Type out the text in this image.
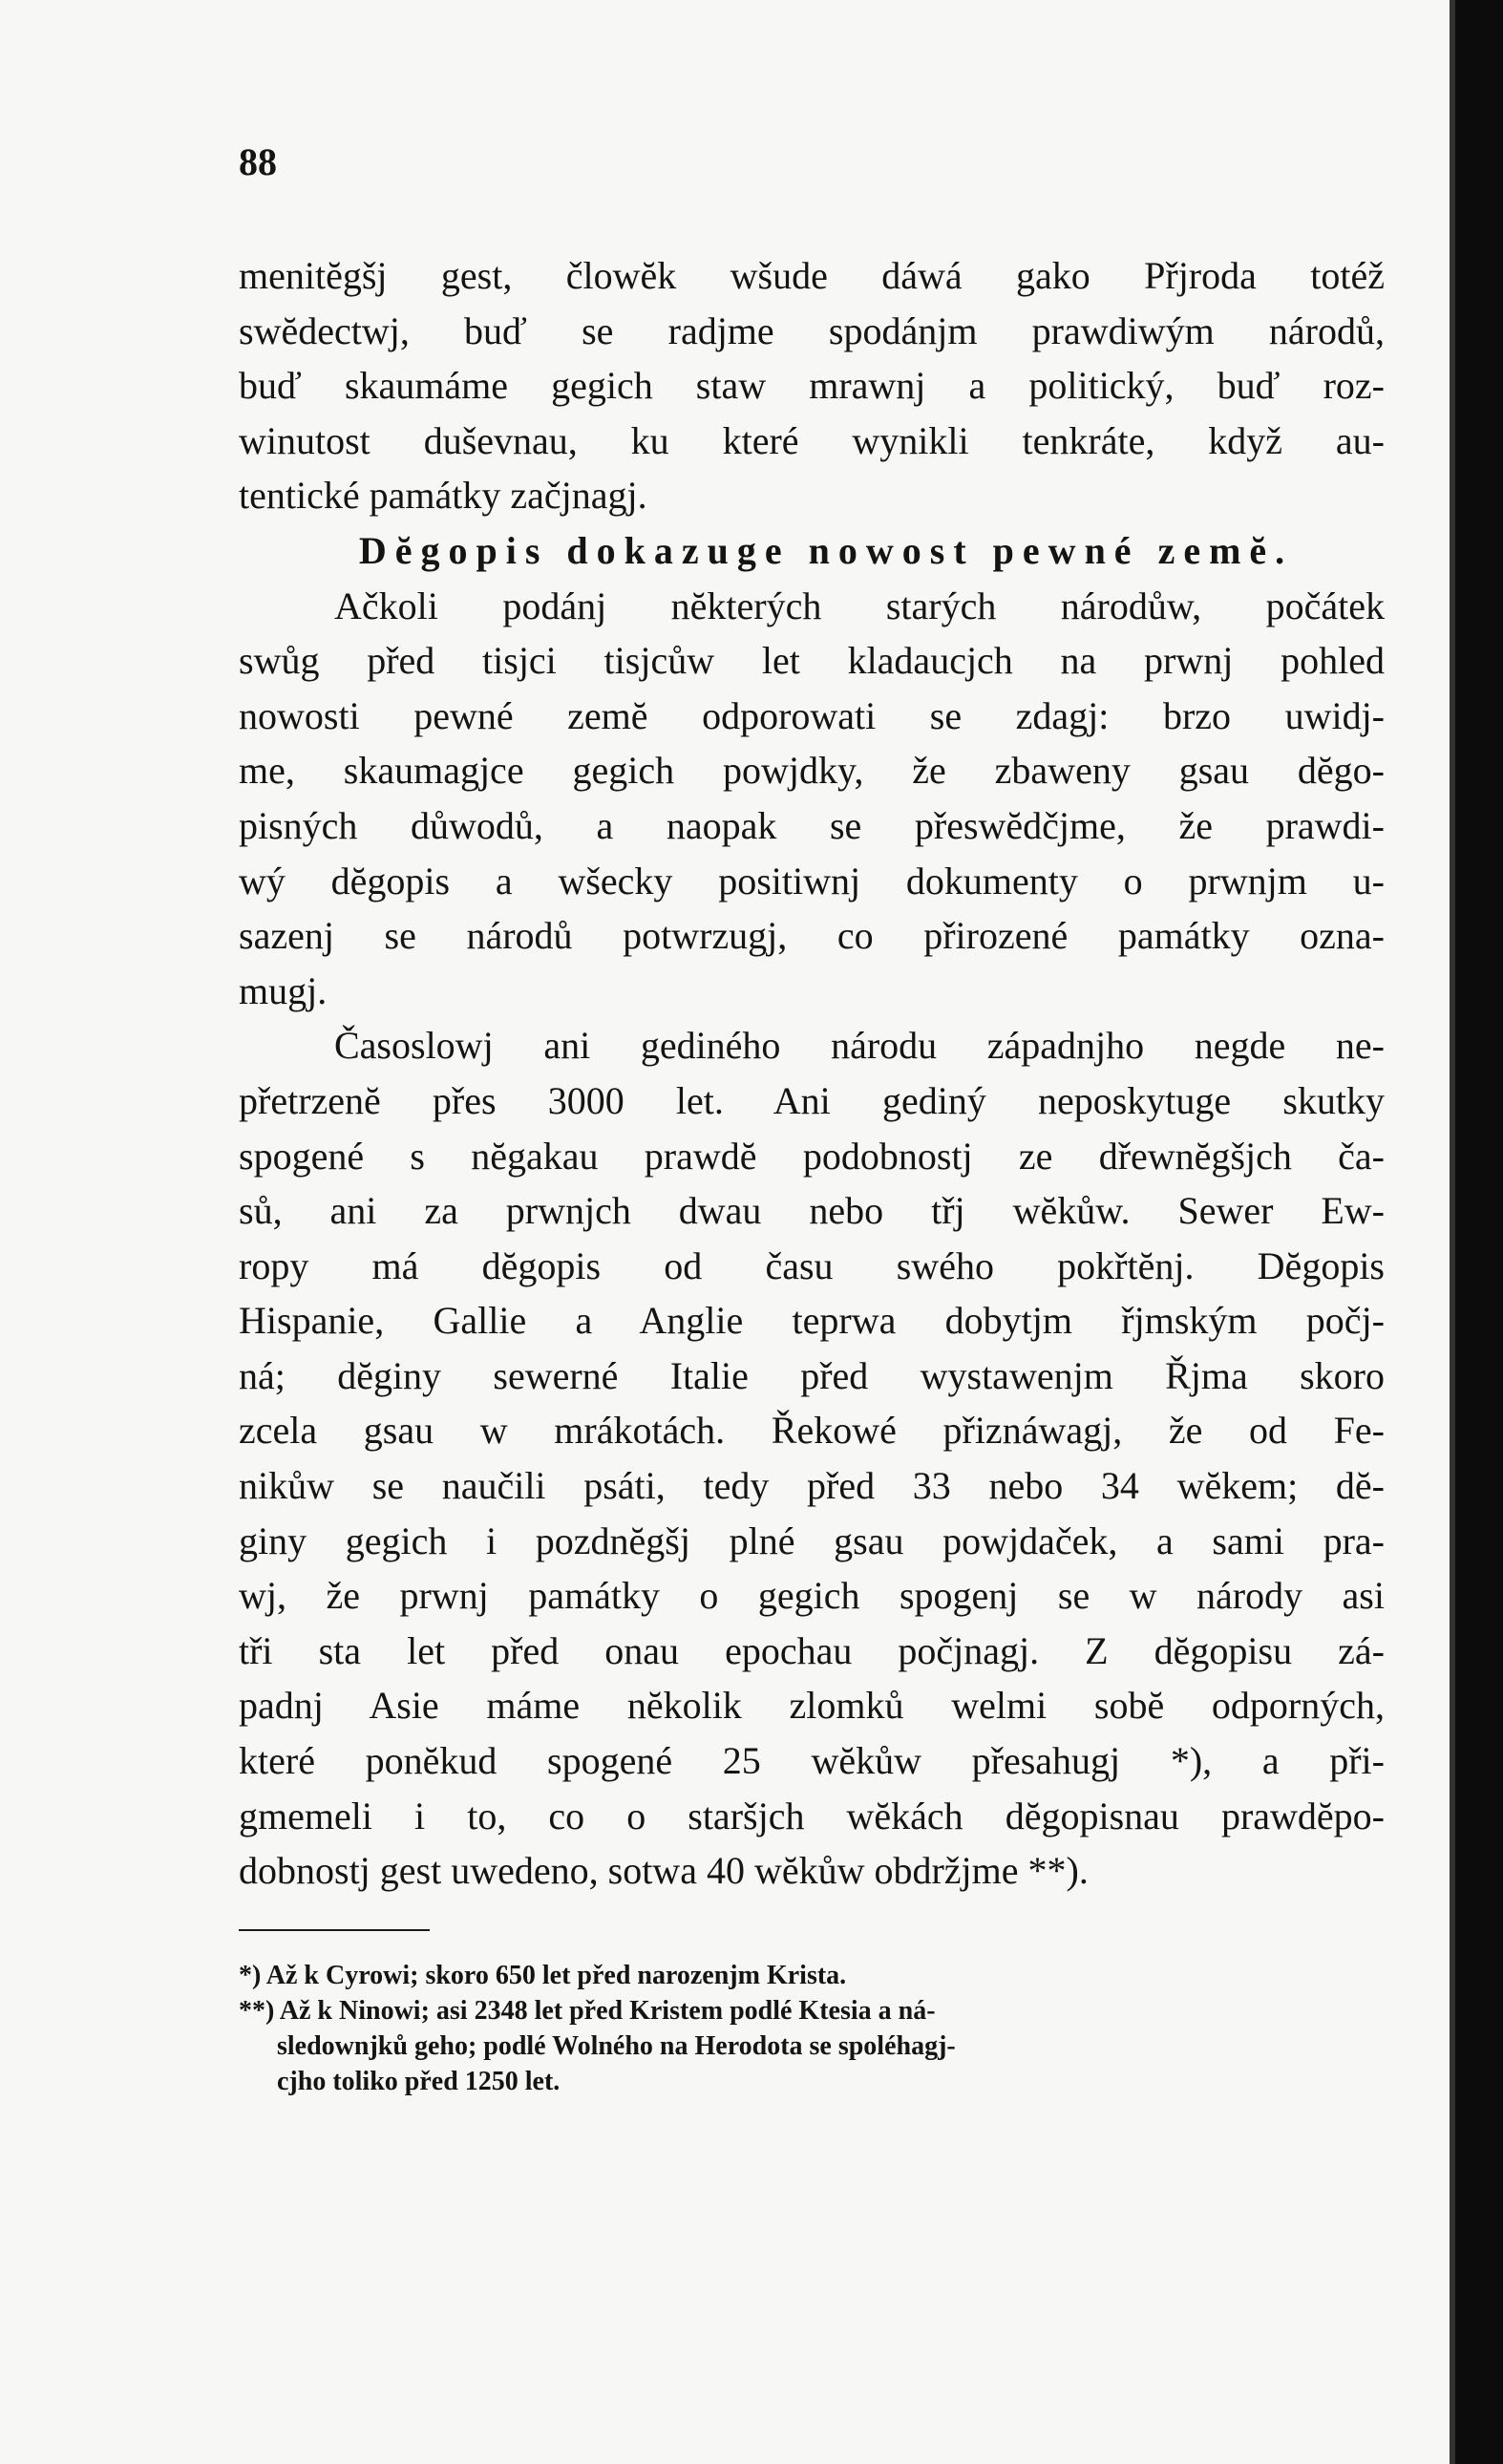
88
menitĕgšj gest, člowĕk wšude dáwá gako Přjroda totéž
swĕdectwj, buď se radjme spodánjm prawdiwým národů,
buď skaumáme gegich staw mrawnj a politický, buď roz-
winutost duševnau, ku které wynikli tenkráte, když au-
tentické památky začjnagj.
Dĕgopis dokazuge nowost pewné zemĕ.
Ačkoli podánj nĕkterých starých národůw, počátek
swůg před tisjci tisjcůw let kladaucjch na prwnj pohled
nowosti pewné zemĕ odporowati se zdagj: brzo uwidj-
me, skaumagjce gegich powjdky, že zbaweny gsau dĕgo-
pisných důwodů, a naopak se přeswĕdčjme, že prawdi-
wý dĕgopis a wšecky positiwnj dokumenty o prwnjm u-
sazenj se národů potwrzugj, co přirozené památky ozna-
mugj.
Časoslowj ani gediného národu západnjho negde ne-
přetrzenĕ přes 3000 let. Ani gediný neposkytuge skutky
spogené s nĕgakau prawdĕ podobnostj ze dřewnĕgšjch ča-
sů, ani za prwnjch dwau nebo třj wĕkůw. Sewer Ew-
ropy má dĕgopis od času swého pokřtĕnj. Dĕgopis
Hispanie, Gallie a Anglie teprwa dobytjm řjmským počj-
ná; dĕginy sewerné Italie před wystawenjm Řjma skoro
zcela gsau w mrákotách. Řekowé přiznáwagj, že od Fe-
nikůw se naučili psáti, tedy před 33 nebo 34 wĕkem; dĕ-
giny gegich i pozdnĕgšj plné gsau powjdaček, a sami pra-
wj, že prwnj památky o gegich spogenj se w národy asi
tři sta let před onau epochau počjnagj. Z dĕgopisu zá-
padnj Asie máme nĕkolik zlomků welmi sobĕ odporných,
které ponĕkud spogené 25 wĕkůw přesahugj *), a při-
gmemeli i to, co o staršjch wĕkách dĕgopisnau prawdĕpo-
dobnostj gest uwedeno, sotwa 40 wĕkůw obdržjme **).
*) Až k Cyrowi; skoro 650 let před narozenjm Krista.
**) Až k Ninowi; asi 2348 let před Kristem podlé Ktesia a ná-
sledownjků geho; podlé Wolného na Herodota se spoléhagj-
cjho toliko před 1250 let.
